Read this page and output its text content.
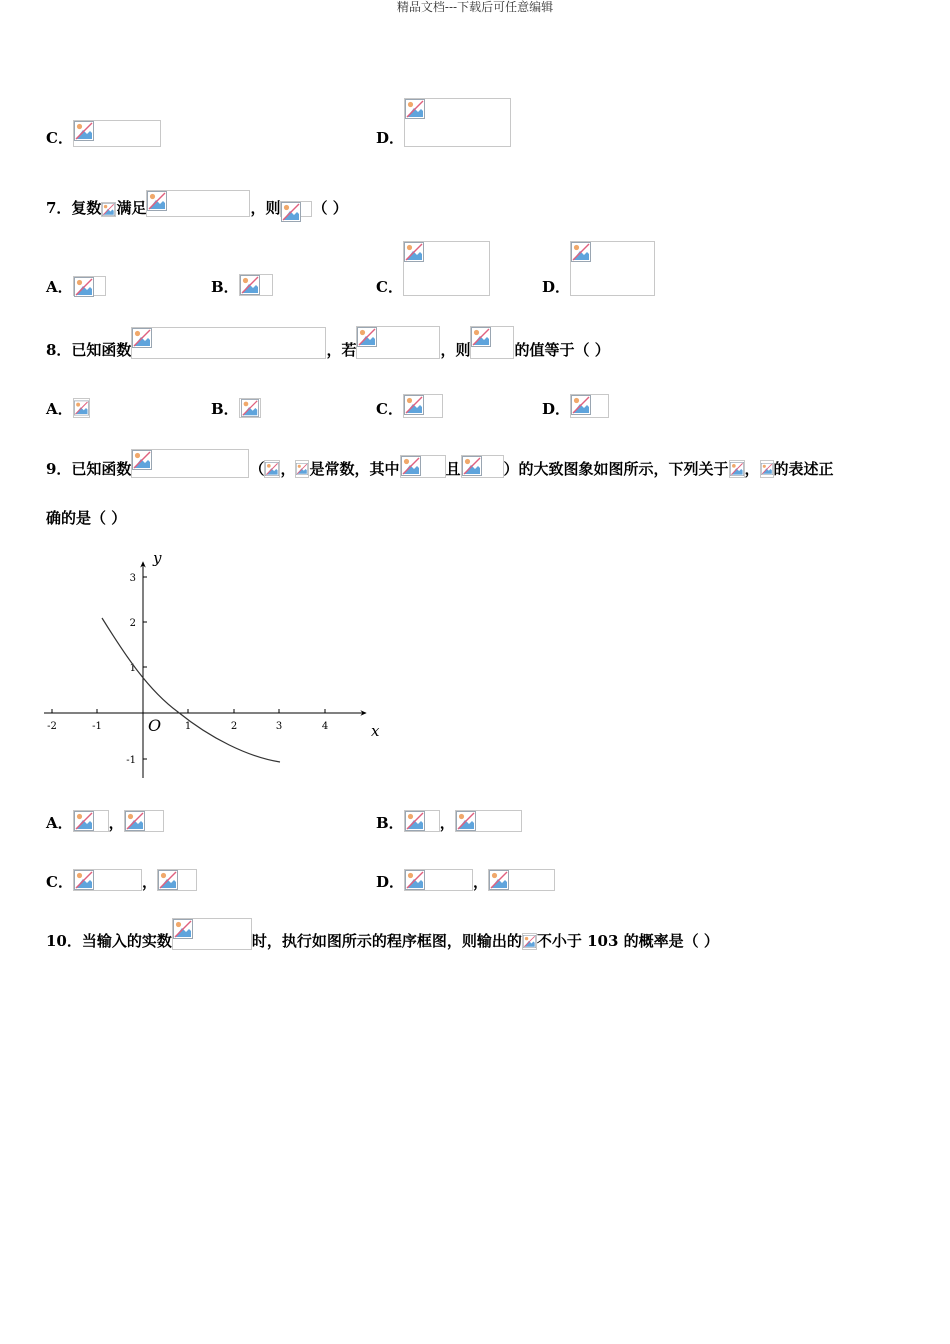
精品文档---下载后可任意编辑
C．	D．
7．复数 满足	，则 （ ）
A．	B．	C．	D．
8．已知函数	，若	，则	的值等于（ ）
A．	B．	C．	D．
9．已知函数	（ ， 是常数，其中	且	）的大致图象如图所示，下列关于 ， 的表述正
确的是（ ）
-2	-1	1	2	3	4
3
2
1
-1
y
x
O
A． ，	B． ，
C．	，	D．	，
10．当输入的实数	时，执行如图所示的程序框图，则输出的 不小于 103 的概率是（ ）
